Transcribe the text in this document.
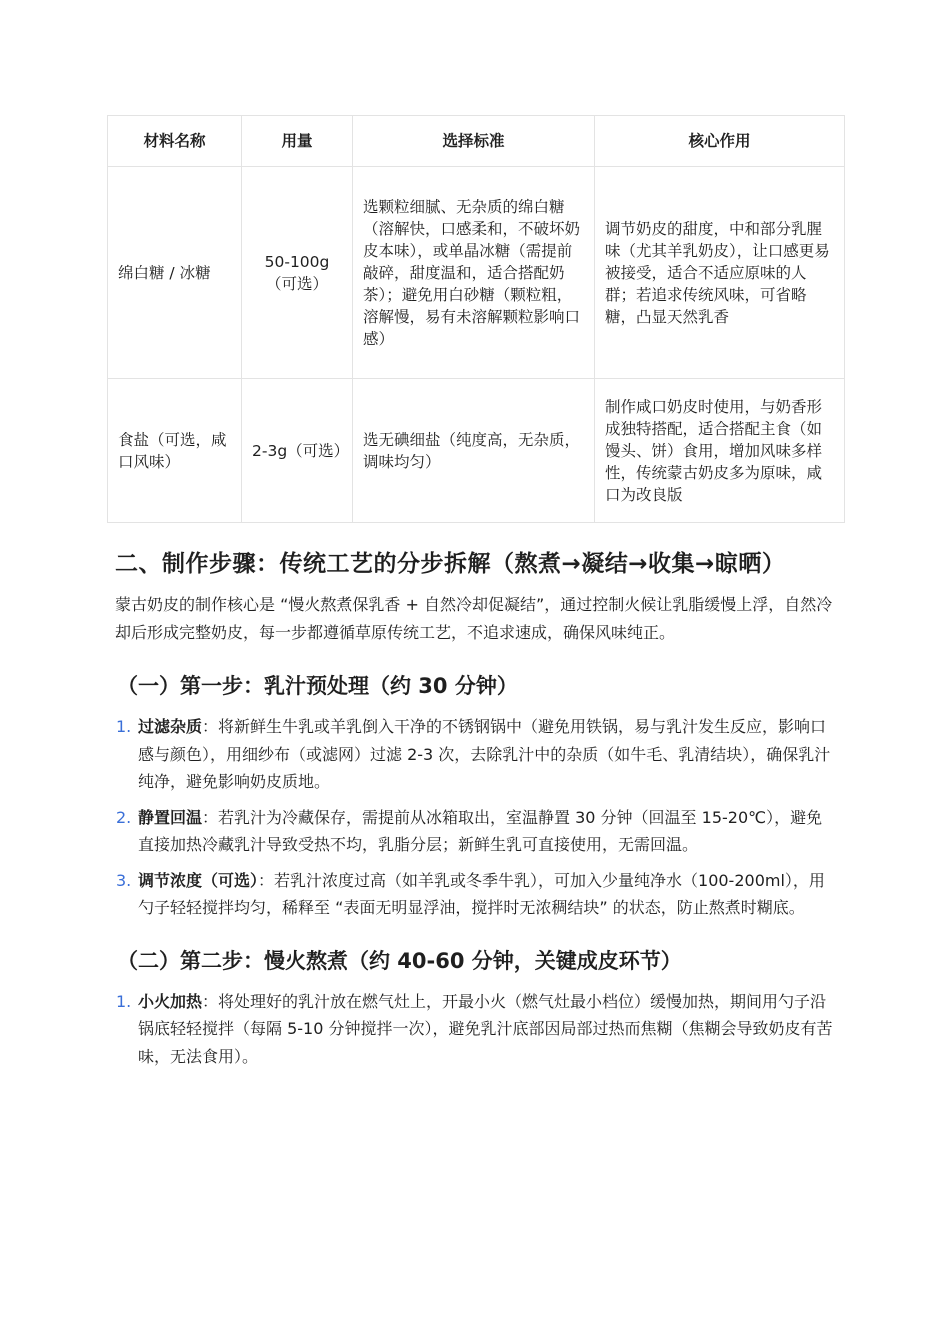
材料名称	用量	选择标准	核心作用
绵白糖 / 冰糖	50-100g（可选）	选颗粒细腻、无杂质的绵白糖（溶解快，口感柔和，不破坏奶皮本味），或单晶冰糖（需提前敲碎，甜度温和，适合搭配奶茶）；避免用白砂糖（颗粒粗，溶解慢，易有未溶解颗粒影响口感）	调节奶皮的甜度，中和部分乳腥味（尤其羊乳奶皮），让口感更易被接受，适合不适应原味的人群；若追求传统风味，可省略糖，凸显天然乳香
食盐（可选，咸口风味）	2-3g（可选）	选无碘细盐（纯度高，无杂质，调味均匀）	制作咸口奶皮时使用，与奶香形成独特搭配，适合搭配主食（如馒头、饼）食用，增加风味多样性，传统蒙古奶皮多为原味，咸口为改良版
二、制作步骤：传统工艺的分步拆解（熬煮→凝结→收集→晾晒）

蒙古奶皮的制作核心是 “慢火熬煮保乳香 + 自然冷却促凝结”，通过控制火候让乳脂缓慢上浮，自然冷却后形成完整奶皮，每一步都遵循草原传统工艺，不追求速成，确保风味纯正。

（一）第一步：乳汁预处理（约 30 分钟）
1. 过滤杂质：将新鲜生牛乳或羊乳倒入干净的不锈钢锅中（避免用铁锅，易与乳汁发生反应，影响口感与颜色），用细纱布（或滤网）过滤 2-3 次，去除乳汁中的杂质（如牛毛、乳清结块），确保乳汁纯净，避免影响奶皮质地。
2. 静置回温：若乳汁为冷藏保存，需提前从冰箱取出，室温静置 30 分钟（回温至 15-20℃），避免直接加热冷藏乳汁导致受热不均，乳脂分层；新鲜生乳可直接使用，无需回温。
3. 调节浓度（可选）：若乳汁浓度过高（如羊乳或冬季牛乳），可加入少量纯净水（100-200ml），用勺子轻轻搅拌均匀，稀释至 “表面无明显浮油，搅拌时无浓稠结块” 的状态，防止熬煮时糊底。
（二）第二步：慢火熬煮（约 40-60 分钟，关键成皮环节）
1. 小火加热：将处理好的乳汁放在燃气灶上，开最小火（燃气灶最小档位）缓慢加热，期间用勺子沿锅底轻轻搅拌（每隔 5-10 分钟搅拌一次），避免乳汁底部因局部过热而焦糊（焦糊会导致奶皮有苦味，无法食用）。
